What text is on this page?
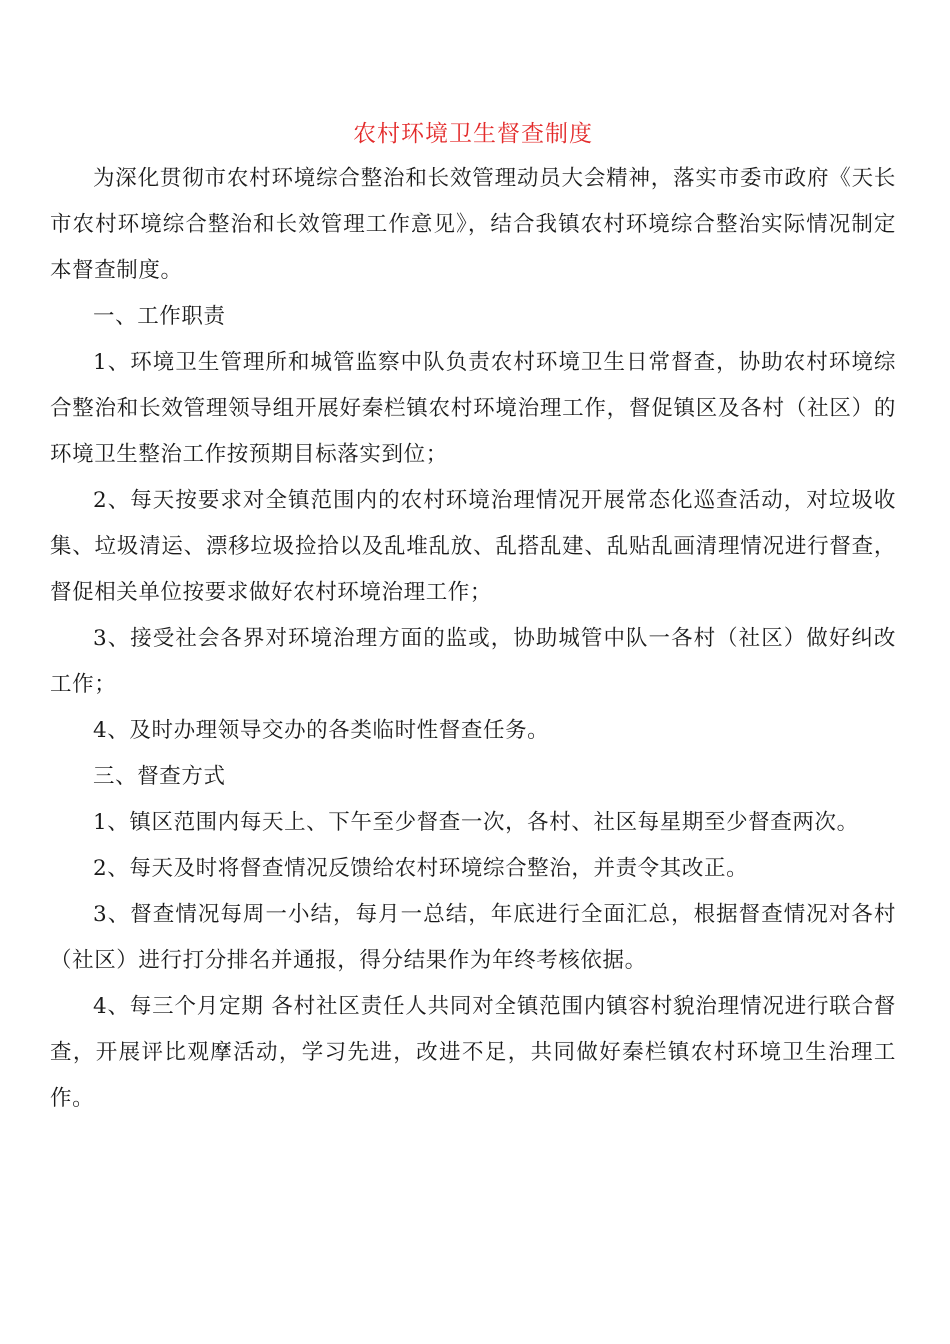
农村环境卫生督查制度

为深化贯彻市农村环境综合整治和长效管理动员大会精神，落实市委市政府《天长市农村环境综合整治和长效管理工作意见》，结合我镇农村环境综合整治实际情况制定本督查制度。

一、工作职责

1、环境卫生管理所和城管监察中队负责农村环境卫生日常督查，协助农村环境综合整治和长效管理领导组开展好秦栏镇农村环境治理工作，督促镇区及各村（社区）的环境卫生整治工作按预期目标落实到位；

2、每天按要求对全镇范围内的农村环境治理情况开展常态化巡查活动，对垃圾收集、垃圾清运、漂移垃圾捡拾以及乱堆乱放、乱搭乱建、乱贴乱画清理情况进行督查，督促相关单位按要求做好农村环境治理工作；

3、接受社会各界对环境治理方面的监或，协助城管中队一各村（社区）做好纠改工作；

4、及时办理领导交办的各类临时性督查任务。

三、督查方式

1、镇区范围内每天上、下午至少督查一次，各村、社区每星期至少督查两次。

2、每天及时将督查情况反馈给农村环境综合整治，并责令其改正。

3、督查情况每周一小结，每月一总结，年底进行全面汇总，根据督查情况对各村（社区）进行打分排名并通报，得分结果作为年终考核依据。

4、每三个月定期 各村社区责任人共同对全镇范围内镇容村貌治理情况进行联合督查，开展评比观摩活动，学习先进，改进不足，共同做好秦栏镇农村环境卫生治理工作。
